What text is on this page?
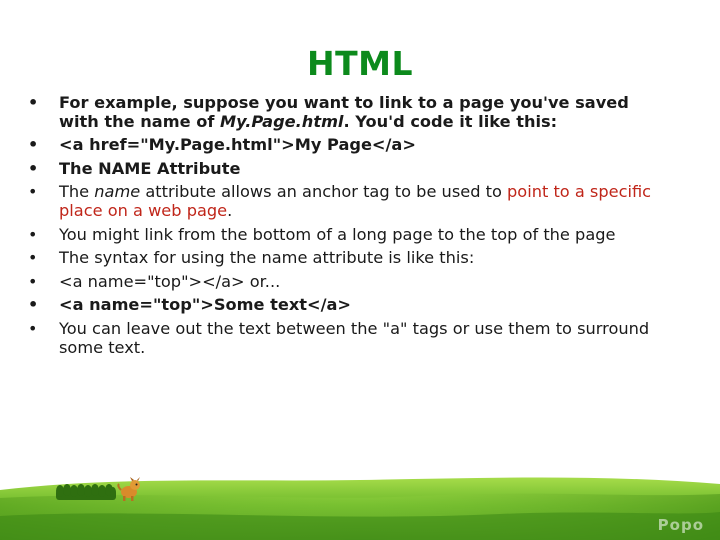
HTML
• For example, suppose you want to link to a page you've saved with the name of My.Page.html. You'd code it like this:
• <a href="My.Page.html">My Page</a>
• The NAME Attribute
• The name attribute allows an anchor tag to be used to point to a specific place on a web page.
• You might link from the bottom of a long page to the top of the page
• The syntax for using the name attribute is like this:
• <a name="top"></a> or...
• <a name="top">Some text</a>
• You can leave out the text between the "a" tags or use them to surround some text.
Popo
